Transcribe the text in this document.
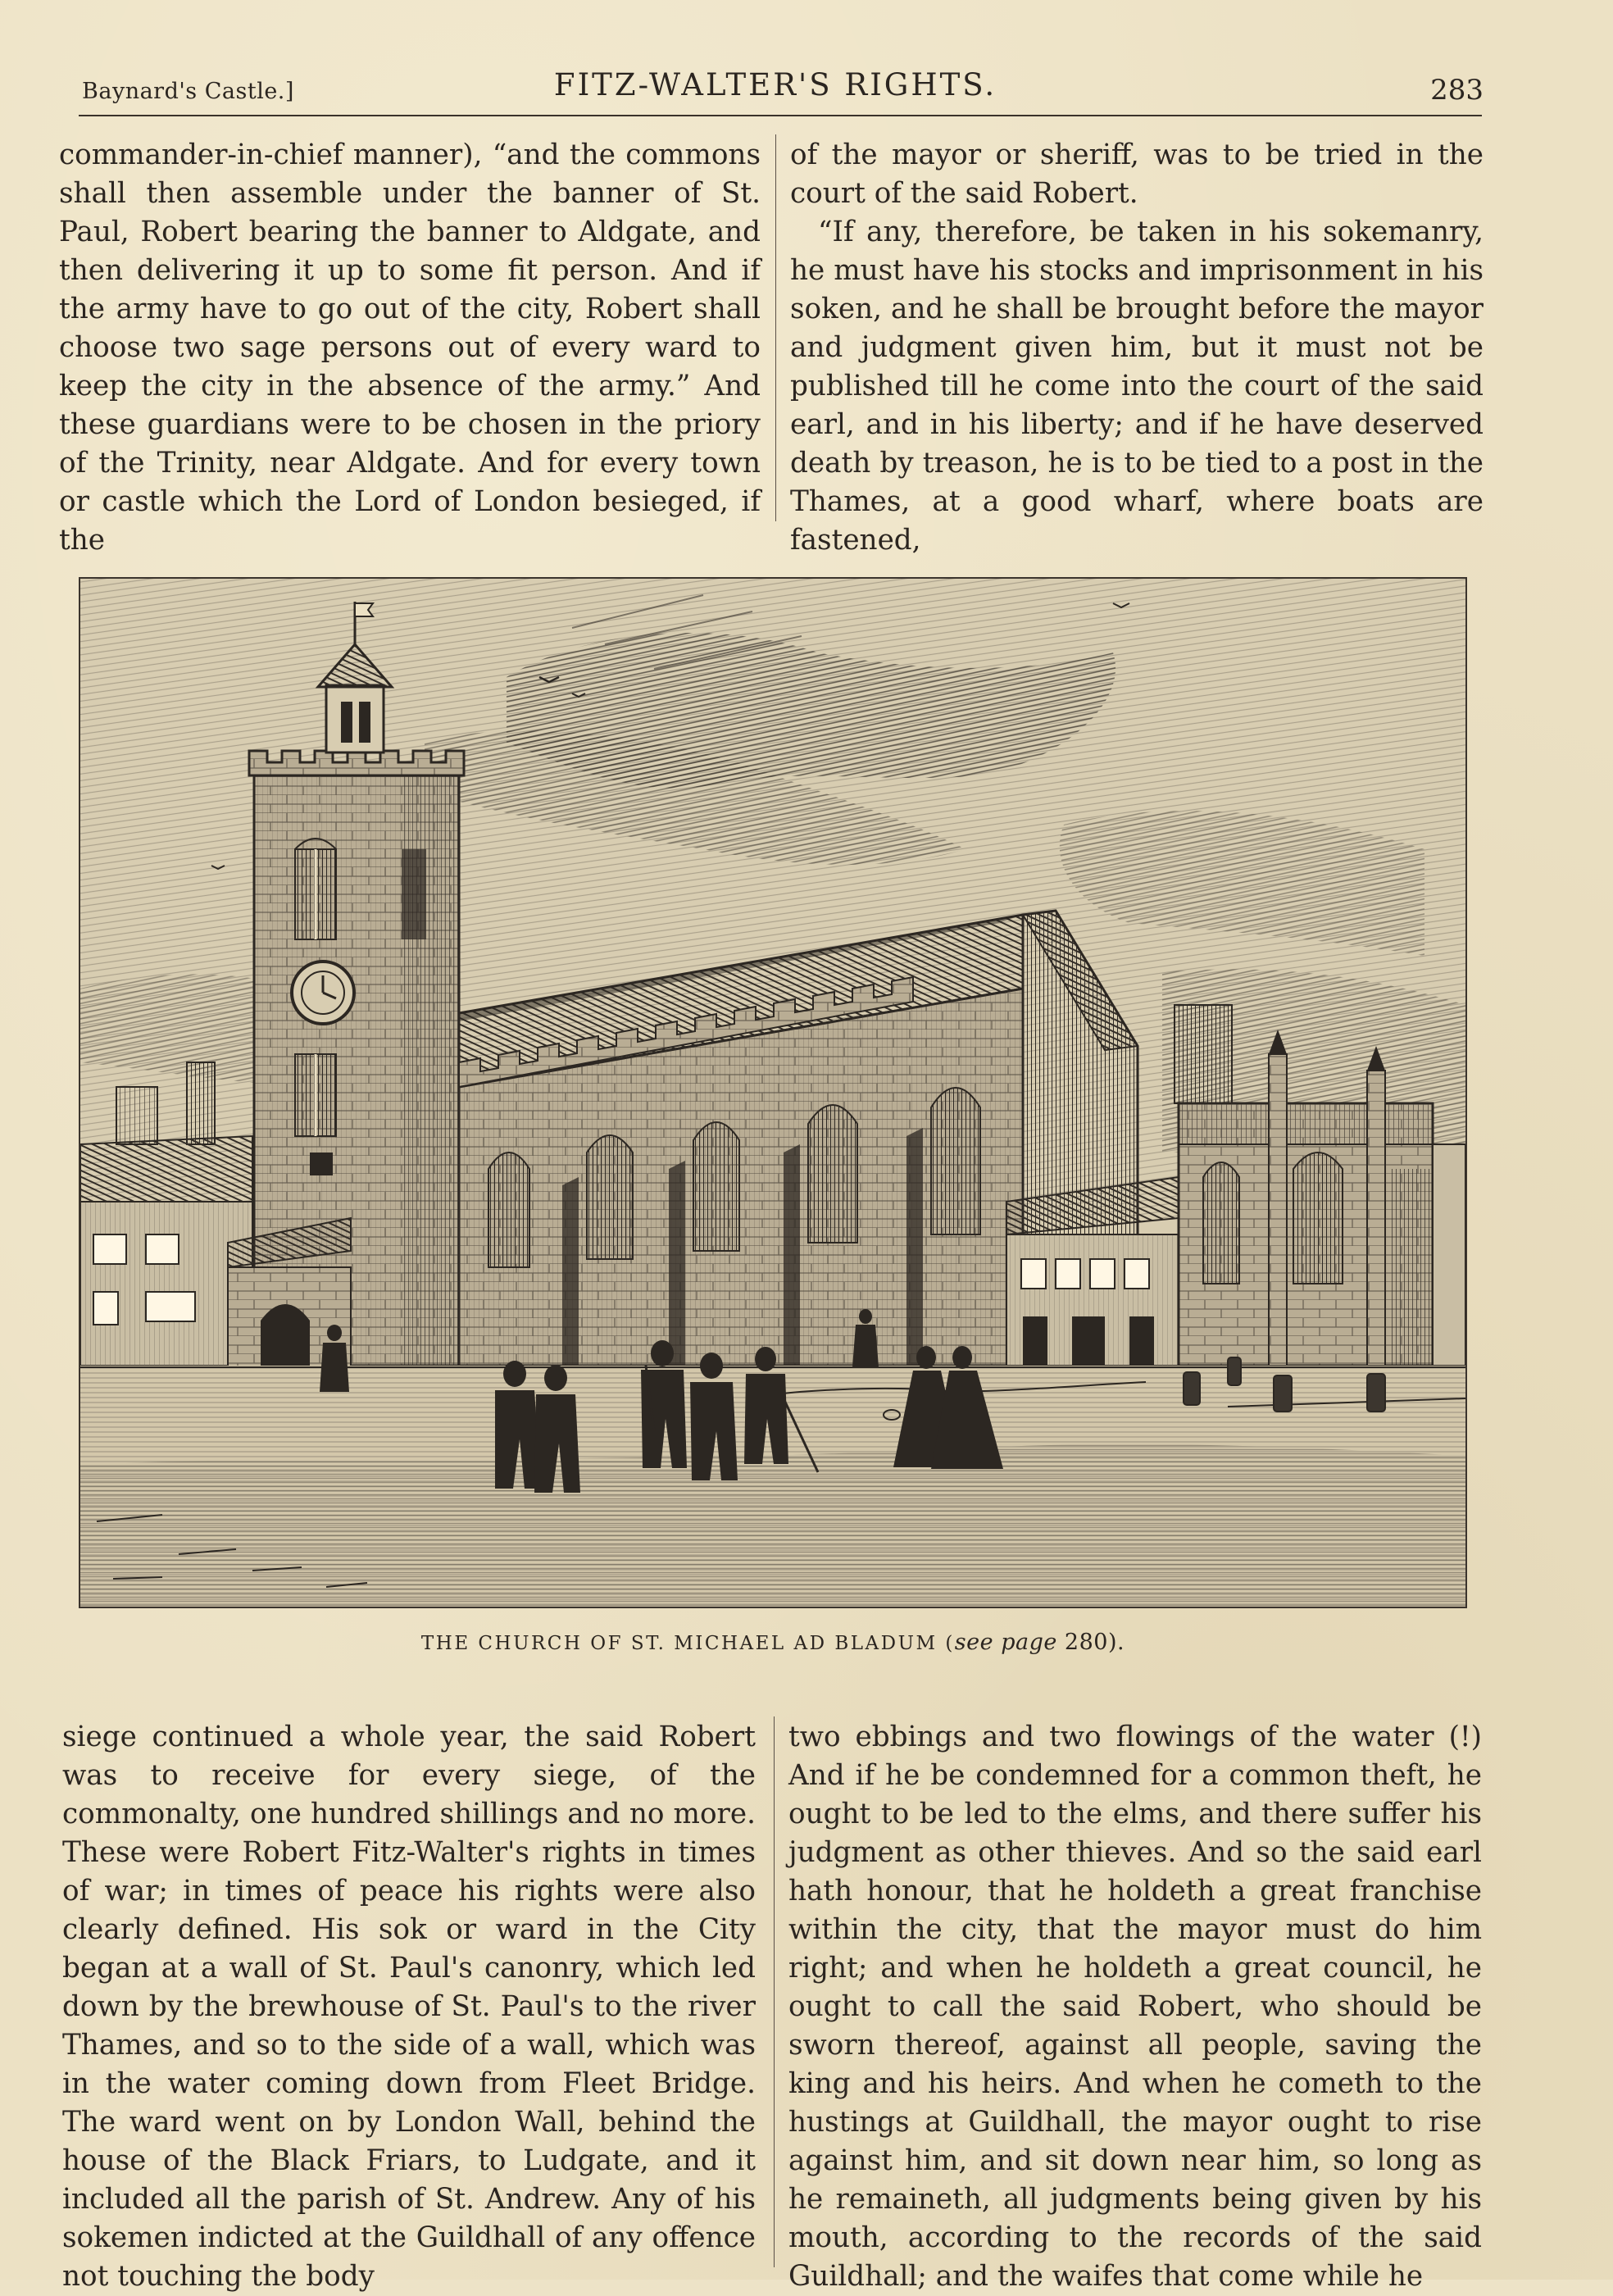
Baynard's Castle.]	FITZ-WALTER'S RIGHTS.	283

commander-in-chief manner), “and the commons shall then assemble under the banner of St. Paul, Robert bearing the banner to Aldgate, and then delivering it up to some fit person. And if the army have to go out of the city, Robert shall choose two sage persons out of every ward to keep the city in the absence of the army.” And these guardians were to be chosen in the priory of the Trinity, near Aldgate. And for every town or castle which the Lord of London besieged, if the

of the mayor or sheriff, was to be tried in the court of the said Robert.

“If any, therefore, be taken in his sokemanry, he must have his stocks and imprisonment in his soken, and he shall be brought before the mayor and judgment given him, but it must not be published till he come into the court of the said earl, and in his liberty; and if he have deserved death by treason, he is to be tied to a post in the Thames, at a good wharf, where boats are fastened,

THE CHURCH OF ST. MICHAEL AD BLADUM (see page 280).

siege continued a whole year, the said Robert was to receive for every siege, of the commonalty, one hundred shillings and no more. These were Robert Fitz-Walter's rights in times of war; in times of peace his rights were also clearly defined. His sok or ward in the City began at a wall of St. Paul's canonry, which led down by the brewhouse of St. Paul's to the river Thames, and so to the side of a wall, which was in the water coming down from Fleet Bridge. The ward went on by London Wall, behind the house of the Black Friars, to Ludgate, and it included all the parish of St. Andrew. Any of his sokemen indicted at the Guildhall of any offence not touching the body

two ebbings and two flowings of the water (!) And if he be condemned for a common theft, he ought to be led to the elms, and there suffer his judgment as other thieves. And so the said earl hath honour, that he holdeth a great franchise within the city, that the mayor must do him right; and when he holdeth a great council, he ought to call the said Robert, who should be sworn thereof, against all people, saving the king and his heirs. And when he cometh to the hustings at Guildhall, the mayor ought to rise against him, and sit down near him, so long as he remaineth, all judgments being given by his mouth, according to the records of the said Guildhall; and the waifes that come while he
